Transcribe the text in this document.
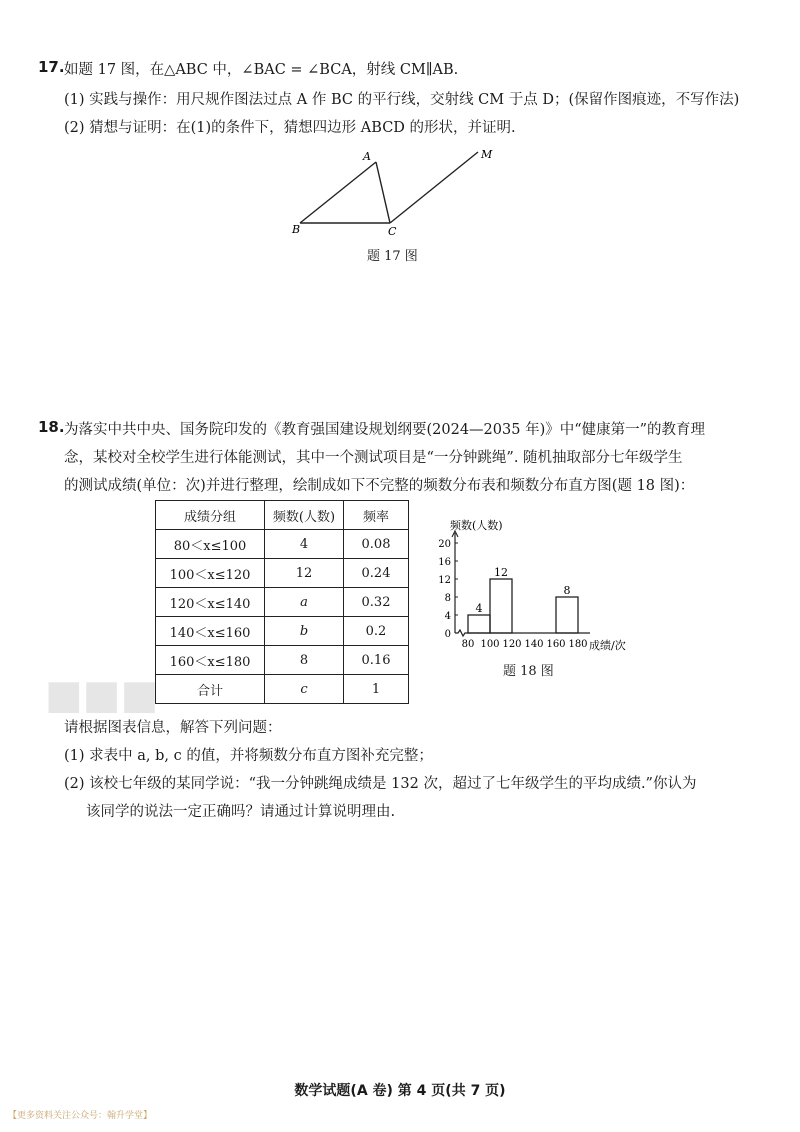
17. 如题 17 图，在△ABC 中，∠BAC = ∠BCA，射线 CM∥AB.
(1) 实践与操作：用尺规作图法过点 A 作 BC 的平行线，交射线 CM 于点 D；(保留作图痕迹，不写作法)
(2) 猜想与证明：在(1)的条件下，猜想四边形 ABCD 的形状，并证明.
A
B	C
M
题 17 图
18. 为落实中共中央、国务院印发的《教育强国建设规划纲要(2024—2035 年)》中“健康第一”的教育理
念，某校对全校学生进行体能测试，其中一个测试项目是“一分钟跳绳”. 随机抽取部分七年级学生
的测试成绩(单位：次)并进行整理，绘制成如下不完整的频数分布表和频数分布直方图(题 18 图)：
■■■
成绩分组	频数(人数)	频率
80＜x≤100	4	0.08
100＜x≤120	12	0.24
120＜x≤140	a	0.32
140＜x≤160	b	0.2
160＜x≤180	8	0.16
合计	c	1
频数(人数)
成绩/次
0
4
8
12
16
20
80 100 120 140 160 180
4
12
8
题 18 图
请根据图表信息，解答下列问题：
(1) 求表中 a, b, c 的值，并将频数分布直方图补充完整；
(2) 该校七年级的某同学说：“我一分钟跳绳成绩是 132 次，超过了七年级学生的平均成绩.”你认为
该同学的说法一定正确吗？请通过计算说明理由.
数学试题(A 卷) 第 4 页(共 7 页)
【更多资料关注公众号：翰升学堂】
